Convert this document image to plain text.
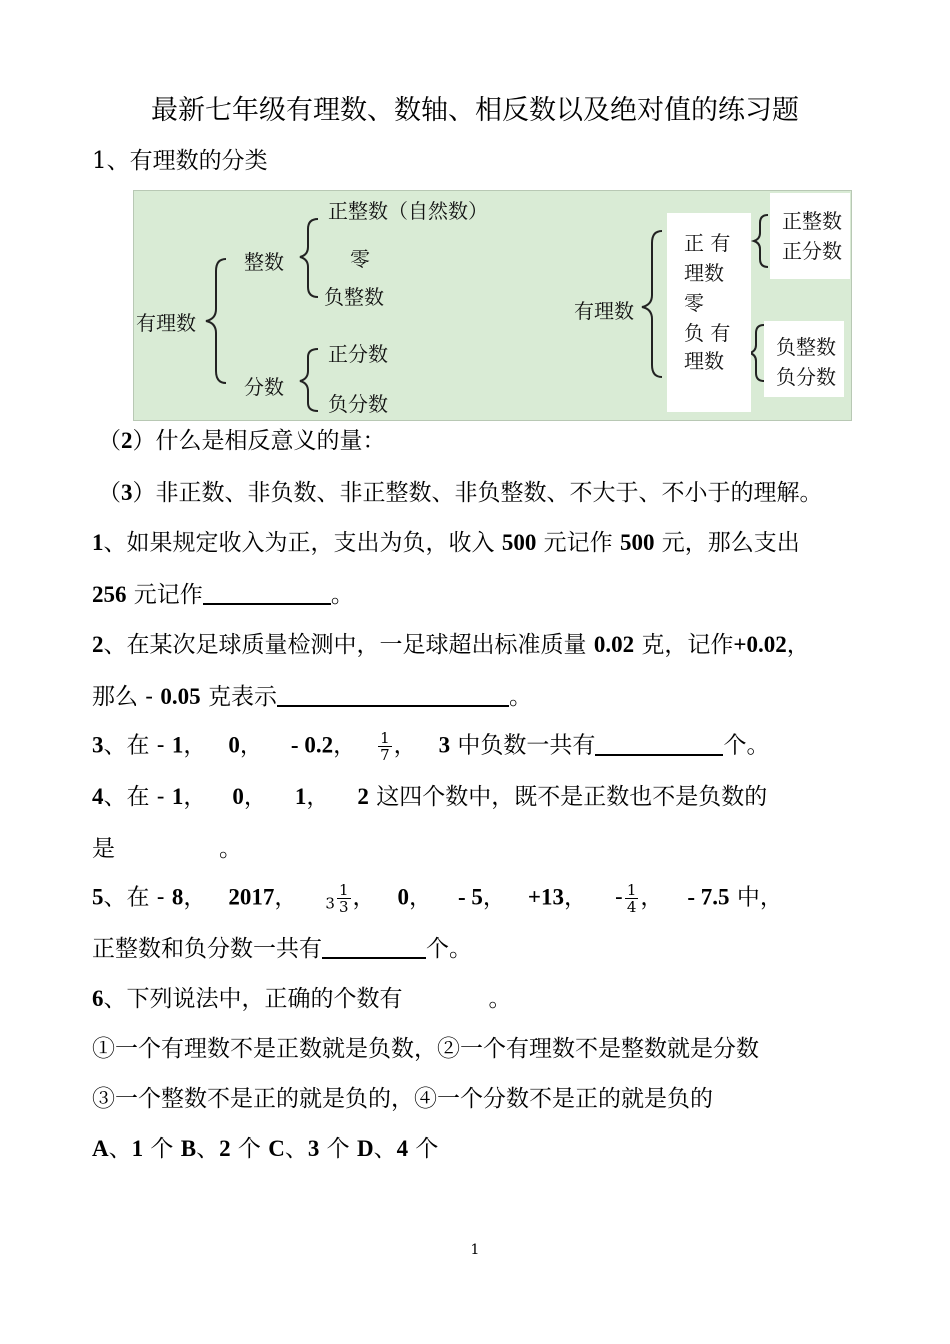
最新七年级有理数、数轴、相反数以及绝对值的练习题
1、有理数的分类
有理数
整数
分数
正整数（自然数）
零
负整数
正分数
负分数
有理数
正 有
理数
零
负 有
理数
正整数
正分数
负整数
负分数
（2）什么是相反意义的量：
（3）非正数、非负数、非正整数、非负整数、不大于、不小于的理解。
1、如果规定收入为正，支出为负，收入 500 元记作 500 元，那么支出
256 元记作	。
2、在某次足球质量检测中，一足球超出标准质量 0.02 克，记作+0.02，
那么 - 0.05 克表示	。
3、在 - 1， 0， - 0.2， $\frac{1}{7}$ ， 3 中负数一共有	个。
4、在 - 1， 0， 1， 2 这四个数中，既不是正数也不是负数的
是	。
5、在 - 8， 2017， $3 \frac{1}{3}$ ， 0， - 5， +13， - $\frac{1}{4}$ ， - 7.5 中，
正整数和负分数一共有	个。
6、下列说法中，正确的个数有	。
①一个有理数不是正数就是负数，②一个有理数不是整数就是分数
③一个整数不是正的就是负的，④一个分数不是正的就是负的
A、1 个 B、2 个 C、3 个 D、4 个
1
